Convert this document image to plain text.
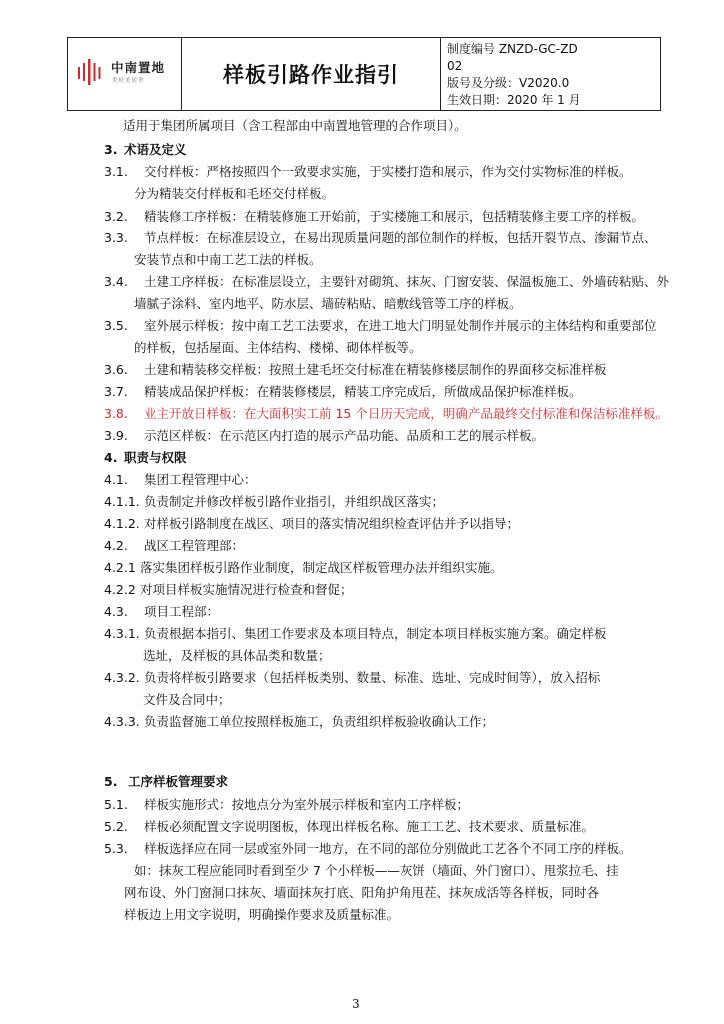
中南置地
美好美居舍	样板引路作业指引
制度编号 ZNZD-GC-ZD
02
版号及分级：V2020.0
生效日期：2020 年 1 月
适用于集团所属项目（含工程部由中南置地管理的合作项目）。
3. 术语及定义
3.1. 交付样板：严格按照四个一致要求实施，于实楼打造和展示，作为交付实物标准的样板。
分为精装交付样板和毛坯交付样板。
3.2. 精装修工序样板：在精装修施工开始前，于实楼施工和展示，包括精装修主要工序的样板。
3.3. 节点样板：在标准层设立，在易出现质量问题的部位制作的样板，包括开裂节点、渗漏节点、
安装节点和中南工艺工法的样板。
3.4. 土建工序样板：在标准层设立，主要针对砌筑、抹灰、门窗安装、保温板施工、外墙砖粘贴、外
墙腻子涂料、室内地平、防水层、墙砖粘贴、暗敷线管等工序的样板。
3.5. 室外展示样板：按中南工艺工法要求，在进工地大门明显处制作并展示的主体结构和重要部位
的样板，包括屋面、主体结构、楼梯、砌体样板等。
3.6. 土建和精装移交样板：按照土建毛坯交付标准在精装修楼层制作的界面移交标准样板
3.7. 精装成品保护样板：在精装修楼层，精装工序完成后，所做成品保护标准样板。
3.8. 业主开放日样板：在大面积实工前 15 个日历天完成，明确产品最终交付标准和保洁标准样板。
3.9. 示范区样板：在示范区内打造的展示产品功能、品质和工艺的展示样板。
4. 职责与权限
4.1. 集团工程管理中心：
4.1.1. 负责制定并修改样板引路作业指引，并组织战区落实；
4.1.2. 对样板引路制度在战区、项目的落实情况组织检查评估并予以指导；
4.2. 战区工程管理部：
4.2.1 落实集团样板引路作业制度，制定战区样板管理办法并组织实施。
4.2.2 对项目样板实施情况进行检查和督促；
4.3. 项目工程部：
4.3.1. 负责根据本指引、集团工作要求及本项目特点，制定本项目样板实施方案。确定样板
选址，及样板的具体品类和数量；
4.3.2. 负责将样板引路要求（包括样板类别、数量、标准、选址、完成时间等），放入招标
文件及合同中；
4.3.3. 负责监督施工单位按照样板施工，负责组织样板验收确认工作；
5. 工序样板管理要求
5.1. 样板实施形式：按地点分为室外展示样板和室内工序样板；
5.2. 样板必须配置文字说明图板，体现出样板名称、施工工艺、技术要求、质量标准。
5.3. 样板选择应在同一层或室外同一地方，在不同的部位分别做此工艺各个不同工序的样板。
如：抹灰工程应能同时看到至少 7 个小样板——灰饼（墙面、外门窗口）、甩浆拉毛、挂
网布设、外门窗洞口抹灰、墙面抹灰打底、阳角护角甩茬、抹灰成活等各样板，同时各
样板边上用文字说明，明确操作要求及质量标准。
3
